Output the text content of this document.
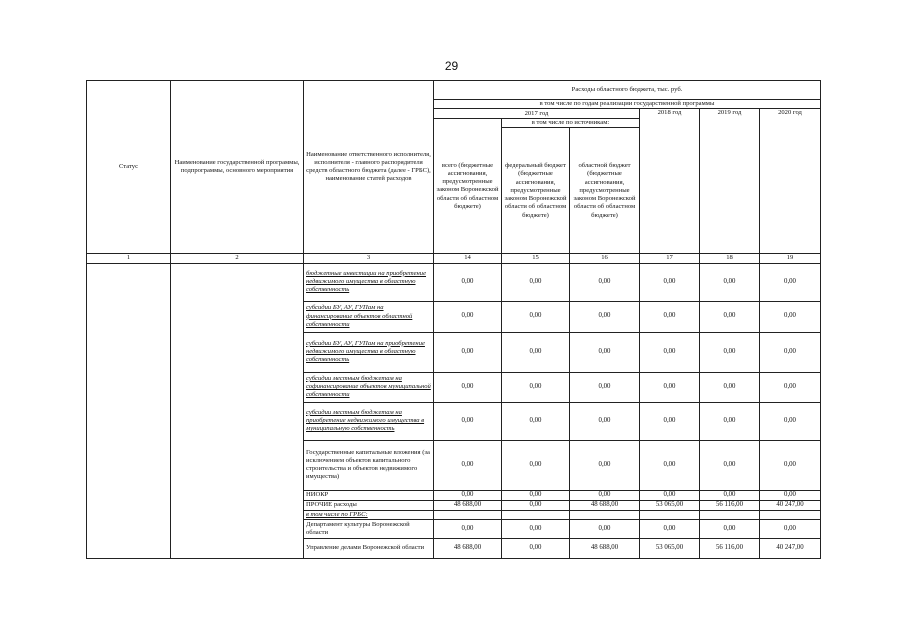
29
Статус	Наименование государственной программы, подпрограммы, основного мероприятия	Наименование ответственного исполнителя, исполнителя - главного распорядителя средств областного бюджета (далее - ГРБС), наименование статей расходов	Расходы областного бюджета, тыс. руб.					
			в том числе по годам реализации государственной программы					
			2017 год			2018 год	2019 год	2020 год
			всего (бюджетные ассигнования, предусмотренные законом Воронежской области об областном бюджете)	в том числе по источникам:				
				федеральный бюджет (бюджетные ассигнования, предусмотренные законом Воронежской области об областном бюджете)	областной бюджет (бюджетные ассигнования, предусмотренные законом Воронежской области об областном бюджете)			
1	2	3	14	15	16	17	18	19
		бюджетные инвестиции на приобретение недвижимого имущества в областную собственность	0,00	0,00	0,00	0,00	0,00	0,00
		субсидии БУ, АУ, ГУПам на финансирование объектов областной собственности	0,00	0,00	0,00	0,00	0,00	0,00
		субсидии БУ, АУ, ГУПам на приобретение недвижимого имущества в областную собственность	0,00	0,00	0,00	0,00	0,00	0,00
		субсидии местным бюджетам на софинансирование объектов муниципальной собственности	0,00	0,00	0,00	0,00	0,00	0,00
		субсидии местным бюджетам на приобретение недвижимого имущества в муниципальную собственность	0,00	0,00	0,00	0,00	0,00	0,00
		Государственные капитальные вложения (за исключением объектов капитального строительства и объектов недвижимого имущества)	0,00	0,00	0,00	0,00	0,00	0,00
		НИОКР	0,00	0,00	0,00	0,00	0,00	0,00
		ПРОЧИЕ расходы	48 688,00	0,00	48 688,00	53 065,00	56 116,00	40 247,00
		в том числе по ГРБС:						
		Департамент культуры Воронежской области	0,00	0,00	0,00	0,00	0,00	0,00
		Управление делами Воронежской области	48 688,00	0,00	48 688,00	53 065,00	56 116,00	40 247,00
